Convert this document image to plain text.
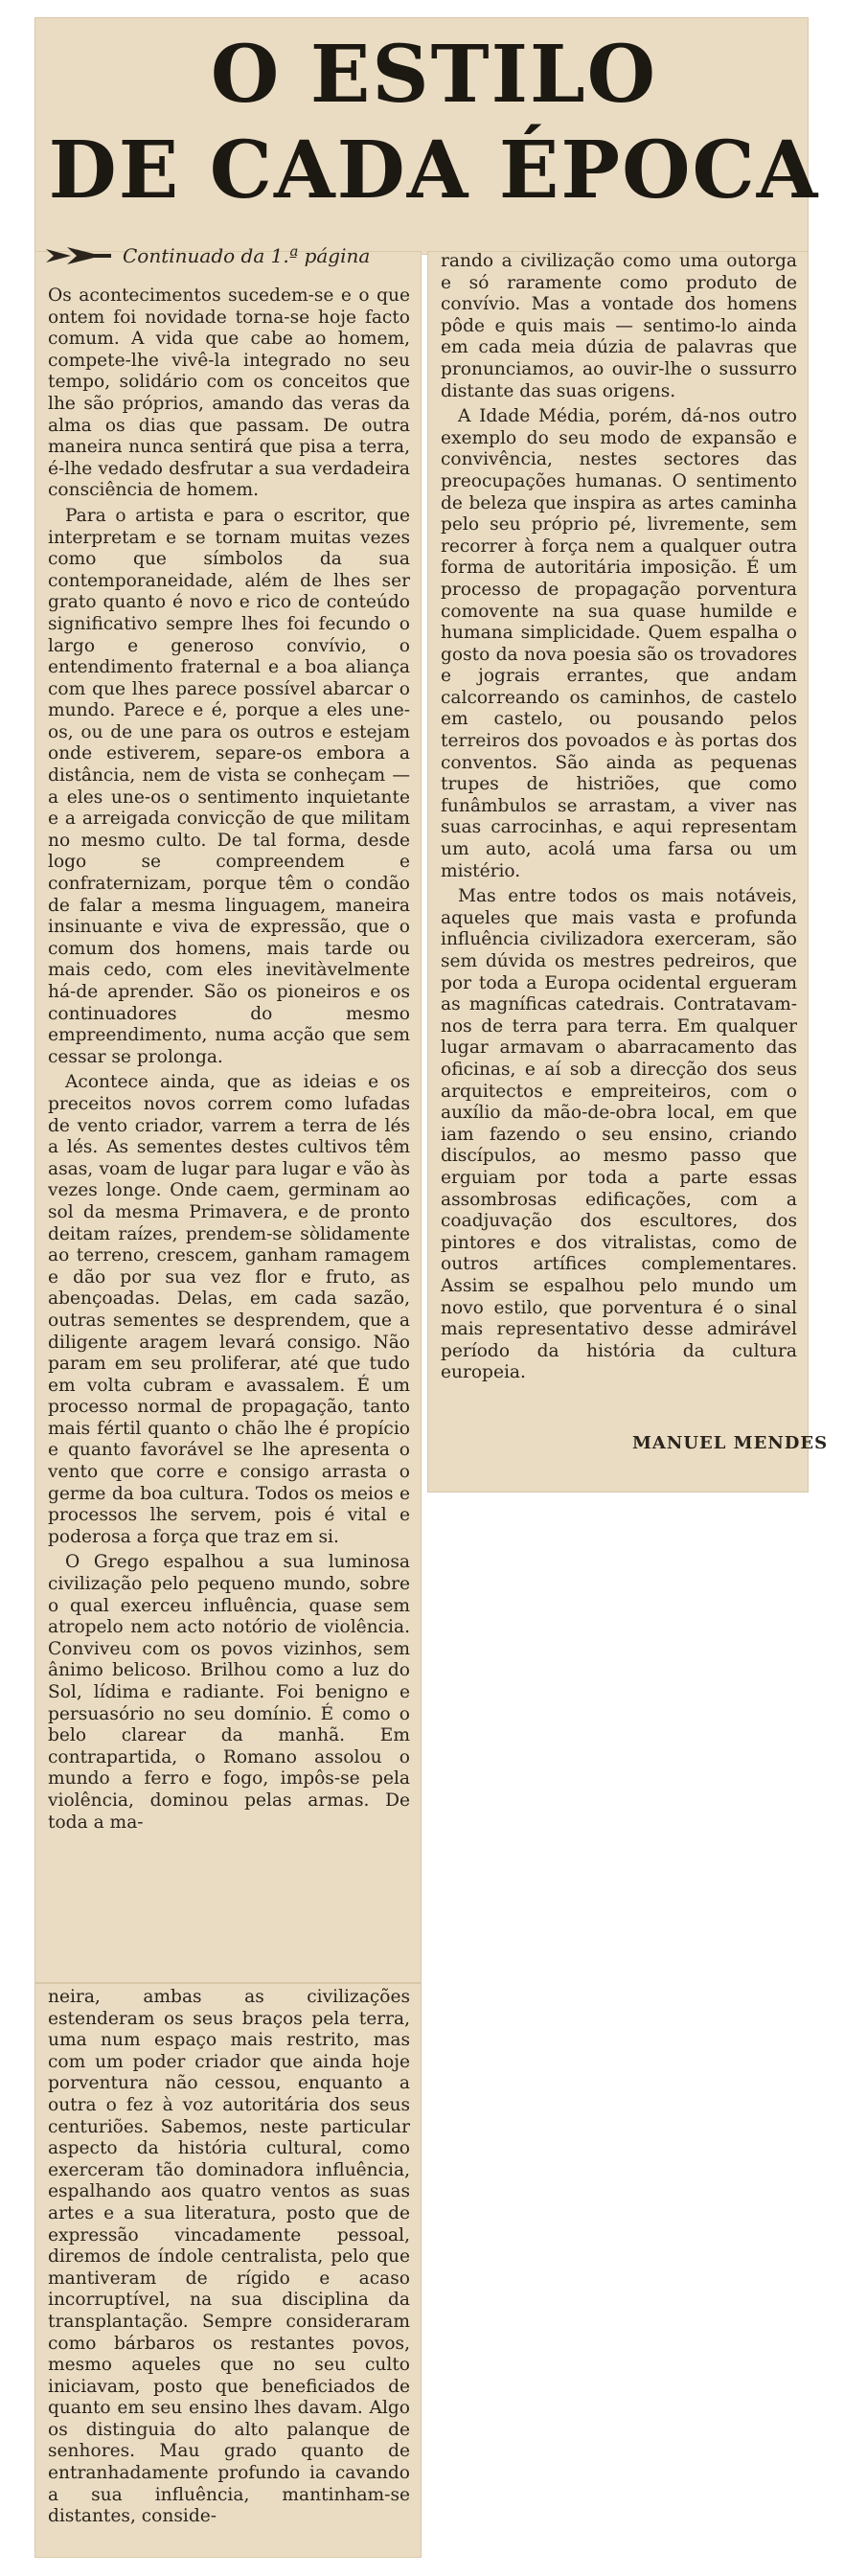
O ESTILO
DE CADA ÉPOCA
Continuado da 1.ª página

Os acontecimentos sucedem-se e o que ontem foi novidade torna-se hoje facto comum. A vida que cabe ao homem, compete-lhe vivê-la integrado no seu tempo, solidário com os conceitos que lhe são próprios, amando das veras da alma os dias que passam. De outra maneira nunca sentirá que pisa a terra, é-lhe vedado desfrutar a sua verdadeira consciência de homem.

Para o artista e para o escritor, que interpretam e se tornam muitas vezes como que símbolos da sua contemporaneidade, além de lhes ser grato quanto é novo e rico de conteúdo significativo sempre lhes foi fecundo o largo e generoso convívio, o entendimento fraternal e a boa aliança com que lhes parece possível abarcar o mundo. Parece e é, porque a eles une-os, ou de une para os outros e estejam onde estiverem, separe-os embora a distância, nem de vista se conheçam — a eles une-os o sentimento inquietante e a arreigada convicção de que militam no mesmo culto. De tal forma, desde logo se compreendem e confraternizam, porque têm o condão de falar a mesma linguagem, maneira insinuante e viva de expressão, que o comum dos homens, mais tarde ou mais cedo, com eles inevitàvelmente há-de aprender. São os pioneiros e os continuadores do mesmo empreendimento, numa acção que sem cessar se prolonga.

Acontece ainda, que as ideias e os preceitos novos correm como lufadas de vento criador, varrem a terra de lés a lés. As sementes destes cultivos têm asas, voam de lugar para lugar e vão às vezes longe. Onde caem, germinam ao sol da mesma Primavera, e de pronto deitam raízes, prendem-se sòlidamente ao terreno, crescem, ganham ramagem e dão por sua vez flor e fruto, as abençoadas. Delas, em cada sazão, outras sementes se desprendem, que a diligente aragem levará consigo. Não param em seu proliferar, até que tudo em volta cubram e avassalem. É um processo normal de propagação, tanto mais fértil quanto o chão lhe é propício e quanto favorável se lhe apresenta o vento que corre e consigo arrasta o germe da boa cultura. Todos os meios e processos lhe servem, pois é vital e poderosa a força que traz em si.

O Grego espalhou a sua luminosa civilização pelo pequeno mundo, sobre o qual exerceu influência, quase sem atropelo nem acto notório de violência. Conviveu com os povos vizinhos, sem ânimo belicoso. Brilhou como a luz do Sol, lídima e radiante. Foi benigno e persuasório no seu domínio. É como o belo clarear da manhã. Em contrapartida, o Romano assolou o mundo a ferro e fogo, impôs-se pela violência, dominou pelas armas. De toda a ma-

rando a civilização como uma outorga e só raramente como produto de convívio. Mas a vontade dos homens pôde e quis mais — sentimo-lo ainda em cada meia dúzia de palavras que pronunciamos, ao ouvir-lhe o sussurro distante das suas origens.

A Idade Média, porém, dá-nos outro exemplo do seu modo de expansão e convivência, nestes sectores das preocupações humanas. O sentimento de beleza que inspira as artes caminha pelo seu próprio pé, livremente, sem recorrer à força nem a qualquer outra forma de autoritária imposição. É um processo de propagação porventura comovente na sua quase humilde e humana simplicidade. Quem espalha o gosto da nova poesia são os trovadores e jograis errantes, que andam calcorreando os caminhos, de castelo em castelo, ou pousando pelos terreiros dos povoados e às portas dos conventos. São ainda as pequenas trupes de histriões, que como funâmbulos se arrastam, a viver nas suas carrocinhas, e aqui representam um auto, acolá uma farsa ou um mistério.

Mas entre todos os mais notáveis, aqueles que mais vasta e profunda influência civilizadora exerceram, são sem dúvida os mestres pedreiros, que por toda a Europa ocidental ergueram as magníficas catedrais. Contratavam-nos de terra para terra. Em qualquer lugar armavam o abarracamento das oficinas, e aí sob a direcção dos seus arquitectos e empreiteiros, com o auxílio da mão-de-obra local, em que iam fazendo o seu ensino, criando discípulos, ao mesmo passo que erguiam por toda a parte essas assombrosas edificações, com a coadjuvação dos escultores, dos pintores e dos vitralistas, como de outros artífices complementares. Assim se espalhou pelo mundo um novo estilo, que porventura é o sinal mais representativo desse admirável período da história da cultura europeia.

MANUEL MENDES

neira, ambas as civilizações estenderam os seus braços pela terra, uma num espaço mais restrito, mas com um poder criador que ainda hoje porventura não cessou, enquanto a outra o fez à voz autoritária dos seus centuriões. Sabemos, neste particular aspecto da história cultural, como exerceram tão dominadora influência, espalhando aos quatro ventos as suas artes e a sua literatura, posto que de expressão vincadamente pessoal, diremos de índole centralista, pelo que mantiveram de rígido e acaso incorruptível, na sua disciplina da transplantação. Sempre consideraram como bárbaros os restantes povos, mesmo aqueles que no seu culto iniciavam, posto que beneficiados de quanto em seu ensino lhes davam. Algo os distinguia do alto palanque de senhores. Mau grado quanto de entranhadamente profundo ia cavando a sua influência, mantinham-se distantes, conside-
